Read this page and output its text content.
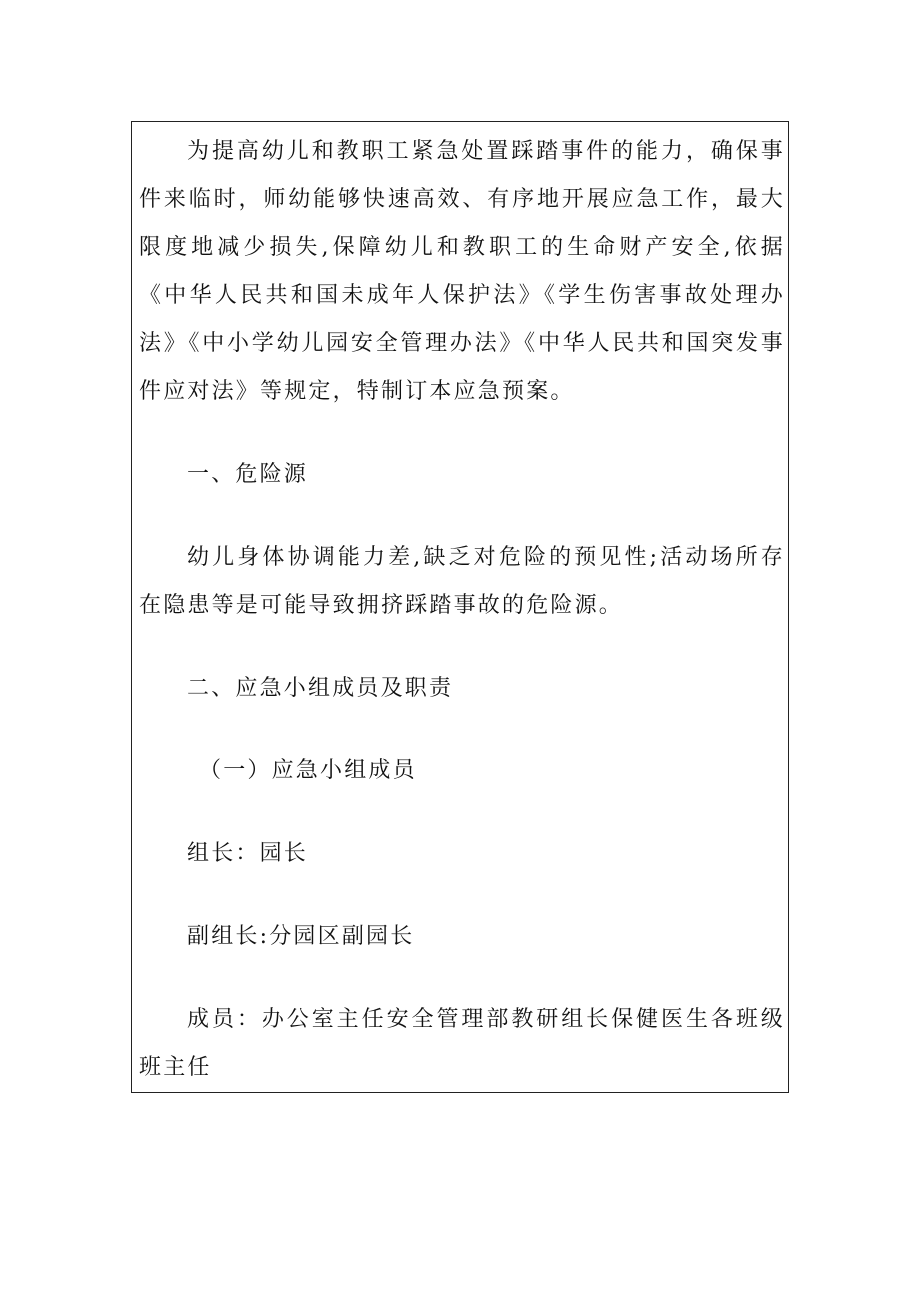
为提高幼儿和教职工紧急处置踩踏事件的能力，确保事件来临时，师幼能够快速高效、有序地开展应急工作，最大限度地减少损失,保障幼儿和教职工的生命财产安全,依据《中华人民共和国未成年人保护法》《学生伤害事故处理办法》《中小学幼儿园安全管理办法》《中华人民共和国突发事件应对法》等规定，特制订本应急预案。

一、危险源

幼儿身体协调能力差,缺乏对危险的预见性;活动场所存在隐患等是可能导致拥挤踩踏事故的危险源。

二、应急小组成员及职责

（一）应急小组成员

组长：园长

副组长:分园区副园长

成员：办公室主任安全管理部教研组长保健医生各班级班主任
